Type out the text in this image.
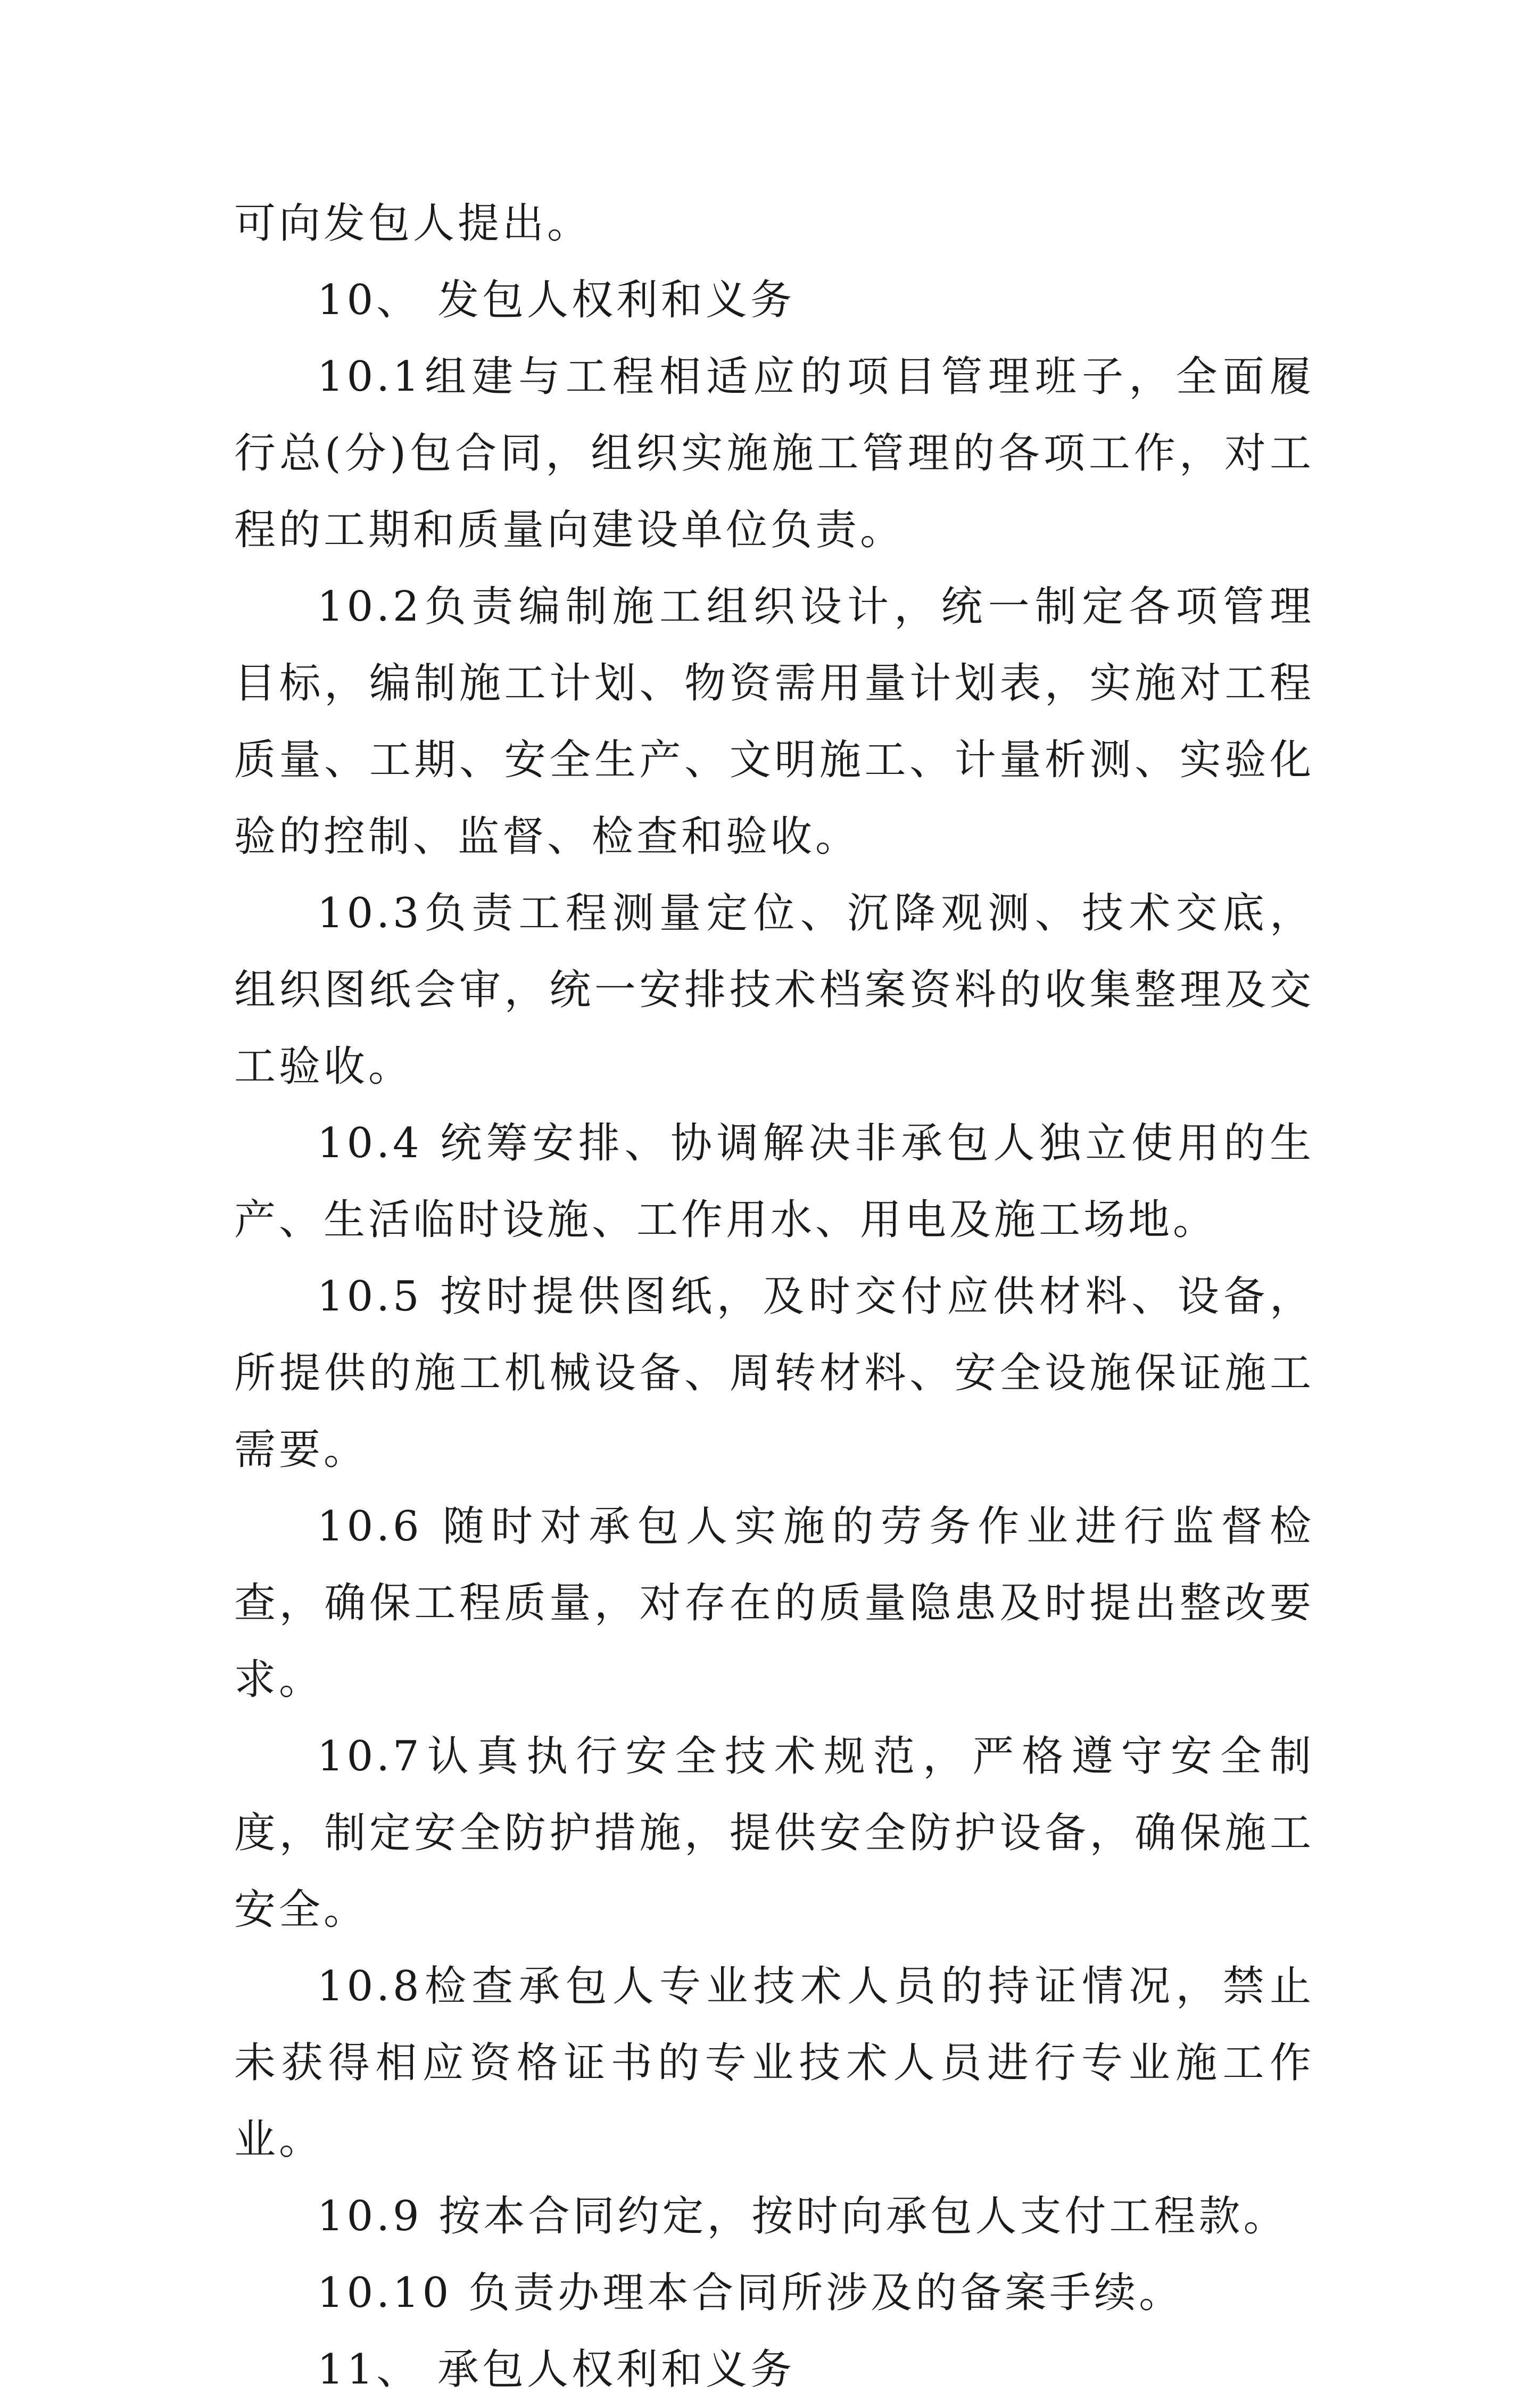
可向发包人提出。

10、 发包人权利和义务

10.1组建与工程相适应的项目管理班子，全面履行总(分)包合同，组织实施施工管理的各项工作，对工程的工期和质量向建设单位负责。

10.2负责编制施工组织设计，统一制定各项管理目标，编制施工计划、物资需用量计划表，实施对工程质量、工期、安全生产、文明施工、计量析测、实验化验的控制、监督、检查和验收。

10.3负责工程测量定位、沉降观测、技术交底，组织图纸会审，统一安排技术档案资料的收集整理及交工验收。

10.4 统筹安排、协调解决非承包人独立使用的生产、生活临时设施、工作用水、用电及施工场地。

10.5 按时提供图纸，及时交付应供材料、设备，所提供的施工机械设备、周转材料、安全设施保证施工需要。

10.6 随时对承包人实施的劳务作业进行监督检查，确保工程质量，对存在的质量隐患及时提出整改要求。

10.7认真执行安全技术规范，严格遵守安全制度，制定安全防护措施，提供安全防护设备，确保施工安全。

10.8检查承包人专业技术人员的持证情况，禁止未获得相应资格证书的专业技术人员进行专业施工作业。

10.9 按本合同约定，按时向承包人支付工程款。

10.10 负责办理本合同所涉及的备案手续。

11、 承包人权利和义务
